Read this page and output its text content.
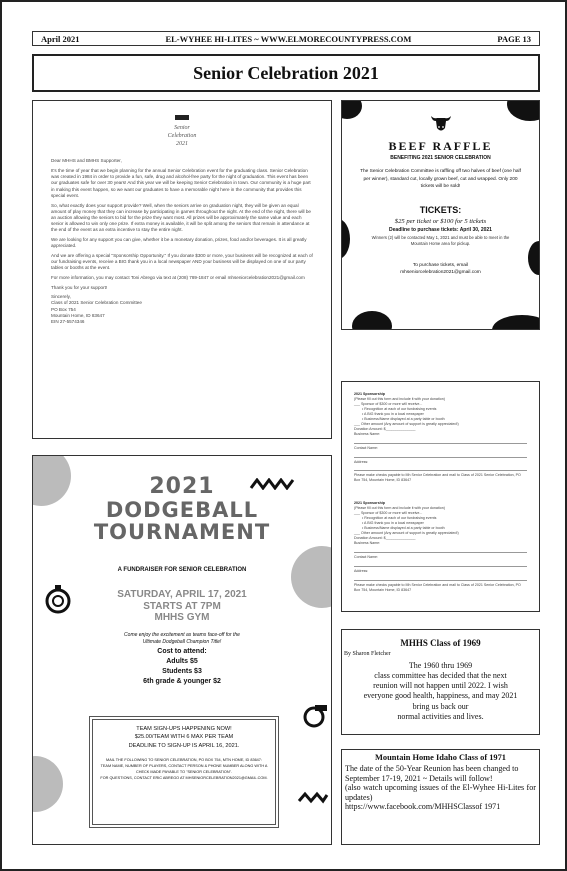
April 2021	EL-WYHEE HI-LITES ~ WWW.ELMORECOUNTYPRESS.COM	PAGE 13
Senior Celebration 2021

Senior
Celebration
2021

Dear MHHS and BMHS Supporter,

It's the time of year that we begin planning for the annual Senior Celebration event for the graduating class. Senior Celebration was created in 1984 in order to provide a fun, safe, drug and alcohol-free party for the night of graduation. This event has been our graduates safe for over 30 years! And this year we will be keeping Senior Celebration in town. Our community is a huge part in making this event happen, so we want our graduates to have a memorable night here in the community that provides this special event.

So, what exactly does your support provide? Well, when the seniors arrive on graduation night, they will be given an equal amount of play money that they can increase by participating in games throughout the night. At the end of the night, there will be an auction allowing the seniors to bid for the prize they want most. All prizes will be approximately the same value and each senior is allowed to win only one prize. If extra money is available, it will be split among the seniors that remain in attendance at the end of the event as an extra incentive to stay the entire night.

We are looking for any support you can give, whether it be a monetary donation, prizes, food and/or beverages. It is all greatly appreciated.

And we are offering a special "Sponsorship Opportunity." If you donate $300 or more, your business will be recognized at each of our fundraising events, receive a BIG thank you in a local newspaper AND your business will be displayed on one of our party tables or booths at the event.

For more information, you may contact Toni Abrego via text at (208) 789-1847 or email mhseniorcelebration2021@gmail.com

Thank you for your support!

Sincerely,
Class of 2021 Senior Celebration Committee
PO Box 754
Mountain Home, ID 83647
EIN 27-5574346

BEEF RAFFLE
BENEFITING 2021 SENIOR CELEBRATION
The Senior Celebration Committee is raffling off two halves of beef (one half per winner), standard cut, locally grown beef, cut and wrapped. Only 200 tickets will be sold!
TICKETS:
$25 per ticket or $100 for 5 tickets
Deadline to purchase tickets: April 30, 2021
Winners (2) will be contacted May 1, 2021 and must be able to meet in the Mountain Home area for pickup.
To purchase tickets, email
mhseniorcelebration2021@gmail.com
2021 Sponsorship
(Please fill out this form and include it with your donation)
___ Sponsor of $300 or more will receive...
• Recognition at each of our fundraising events
• A BIG thank you in a local newspaper
• Business/Name displayed at a party table or booth
___ Other amount (Any amount of support is greatly appreciated!)
Donation Amount: $_______________
Business Name:
Contact Name:
Address:
Please make checks payable to Mh Senior Celebration and mail to Class of 2021 Senior Celebration, PO Box 754, Mountain Home, ID 83647
2021 Sponsorship
(Please fill out this form and include it with your donation)
___ Sponsor of $300 or more will receive...
• Recognition at each of our fundraising events
• A BIG thank you in a local newspaper
• Business/Name displayed at a party table or booth
___ Other amount (Any amount of support is greatly appreciated!)
Donation Amount: $_______________
Business Name:
Contact Name:
Address:
Please make checks payable to Mh Senior Celebration and mail to Class of 2021 Senior Celebration, PO Box 754, Mountain Home, ID 83647
2021
DODGEBALL
TOURNAMENT
A FUNDRAISER FOR SENIOR CELEBRATION
SATURDAY, APRIL 17, 2021
STARTS AT 7PM
MHHS GYM
Come enjoy the excitement as teams face-off for the
Ultimate Dodgeball Champion Title!
Cost to attend:
Adults $5
Students $3
6th grade & younger $2
TEAM SIGN-UPS HAPPENING NOW!
$25.00/TEAM WITH 6 MAX PER TEAM
DEADLINE TO SIGN-UP IS APRIL 16, 2021.
MAIL THE FOLLOWING TO SENIOR CELEBRATION, PO BOX 754, MTN HOME, ID 83647:
TEAM NAME, NUMBER OF PLAYERS, CONTACT PERSON & PHONE NUMBER ALONG WITH A
CHECK MADE PAYABLE TO "SENIOR CELEBRATION".
FOR QUESTIONS, CONTACT ERIC ABREGO AT MHSENIORCELEBRATION2021@GMAIL.COM.
MHHS Class of 1969
By Sharon Fletcher
The 1960 thru 1969
class committee has decided that the next
reunion will not happen until 2022. I wish
everyone good health, happiness, and may 2021
bring us back our
normal activities and lives.
Mountain Home Idaho Class of 1971
The date of the 50-Year Reunion has been changed to
September 17-19, 2021 ~ Details will follow!
(also watch upcoming issues of the El-Wyhee Hi-Lites for updates)
https://www.facebook.com/MHHSClassof 1971
